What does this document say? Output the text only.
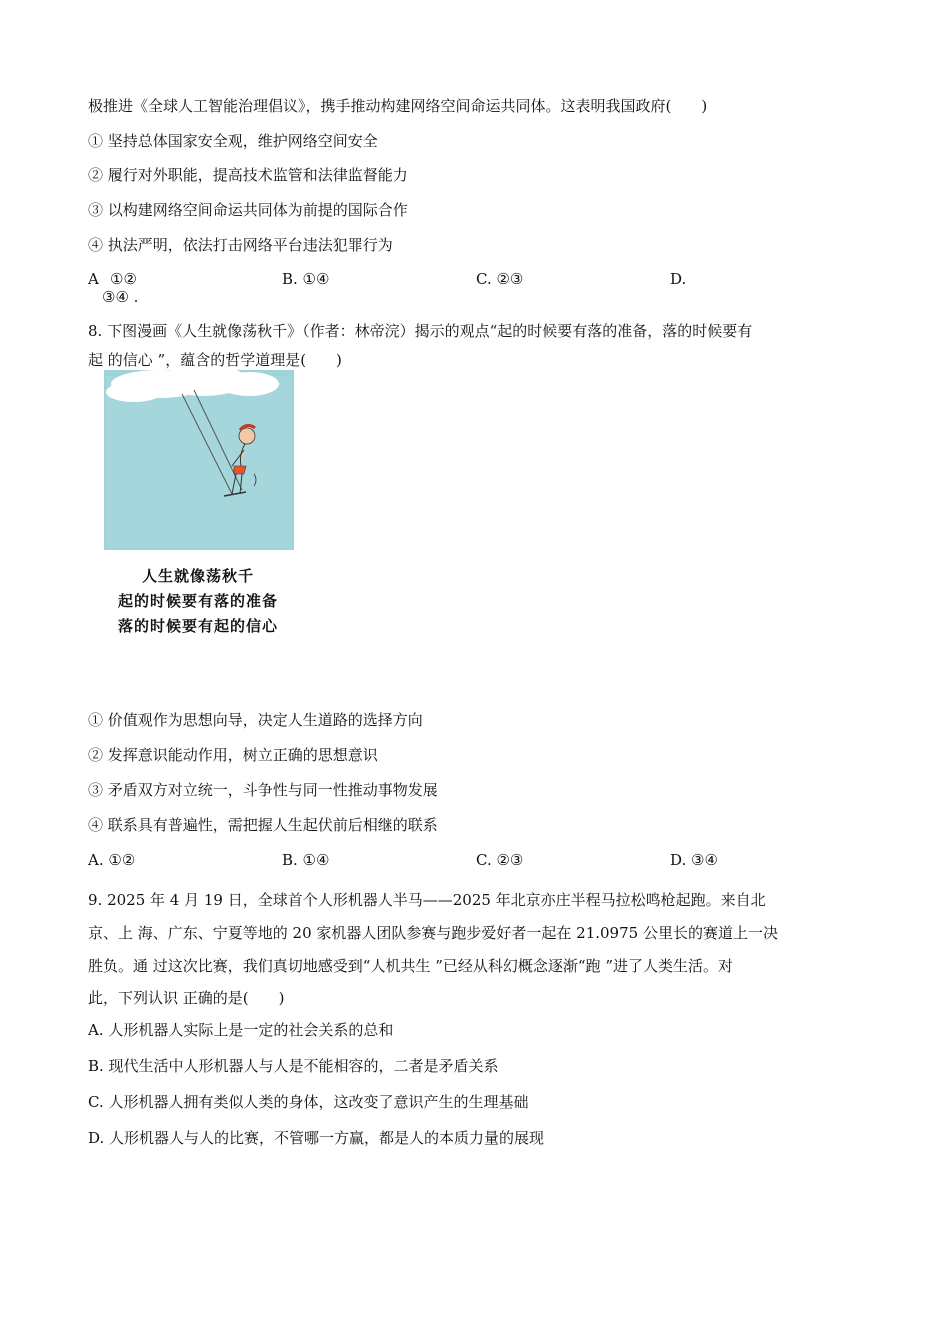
极推进《全球人工智能治理倡议》，携手推动构建网络空间命运共同体。这表明我国政府(　　)
① 坚持总体国家安全观，维护网络空间安全
② 履行对外职能，提高技术监管和法律监督能力
③ 以构建网络空间命运共同体为前提的国际合作
④ 执法严明，依法打击网络平台违法犯罪行为
A ①②	B. ①④	C. ②③	D.
③④ .
8. 下图漫画《人生就像荡秋千》（作者：林帝浣）揭示的观点“起的时候要有落的准备，落的时候要有
起 的信心 ”，蕴含的哲学道理是(　　)
人生就像荡秋千
起的时候要有落的准备
落的时候要有起的信心
① 价值观作为思想向导，决定人生道路的选择方向
② 发挥意识能动作用，树立正确的思想意识
③ 矛盾双方对立统一，斗争性与同一性推动事物发展
④ 联系具有普遍性，需把握人生起伏前后相继的联系
A. ①②	B. ①④	C. ②③	D. ③④
9. 2025 年 4 月 19 日，全球首个人形机器人半马——2025 年北京亦庄半程马拉松鸣枪起跑。来自北
京、上 海、广东、宁夏等地的 20 家机器人团队参赛与跑步爱好者一起在 21.0975 公里长的赛道上一决
胜负。通 过这次比赛，我们真切地感受到“人机共生 ”已经从科幻概念逐渐“跑 ”进了人类生活。对
此，下列认识 正确的是(　　)
A. 人形机器人实际上是一定的社会关系的总和
B. 现代生活中人形机器人与人是不能相容的，二者是矛盾关系
C. 人形机器人拥有类似人类的身体，这改变了意识产生的生理基础
D. 人形机器人与人的比赛，不管哪一方赢，都是人的本质力量的展现
